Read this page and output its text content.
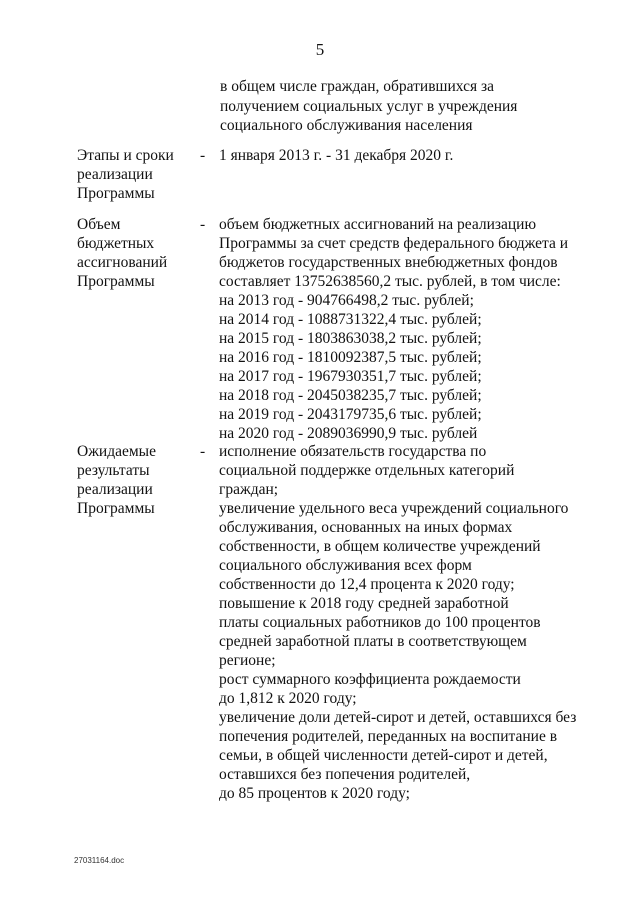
5
в общем числе граждан, обратившихся за
получением социальных услуг в учреждения
социального обслуживания населения
Этапы и сроки
реализации
Программы
- 1 января 2013 г. - 31 декабря 2020 г.
Объем
бюджетных
ассигнований
Программы
- объем бюджетных ассигнований на реализацию
Программы за счет средств федерального бюджета и
бюджетов государственных внебюджетных фондов
составляет 13752638560,2 тыс. рублей, в том числе:
на 2013 год - 904766498,2 тыс. рублей;
на 2014 год - 1088731322,4 тыс. рублей;
на 2015 год - 1803863038,2 тыс. рублей;
на 2016 год - 1810092387,5 тыс. рублей;
на 2017 год - 1967930351,7 тыс. рублей;
на 2018 год - 2045038235,7 тыс. рублей;
на 2019 год - 2043179735,6 тыс. рублей;
на 2020 год - 2089036990,9 тыс. рублей
Ожидаемые
результаты
реализации
Программы
- исполнение обязательств государства по
социальной поддержке отдельных категорий
граждан;
увеличение удельного веса учреждений социального
обслуживания, основанных на иных формах
собственности, в общем количестве учреждений
социального обслуживания всех форм
собственности до 12,4 процента к 2020 году;
повышение к 2018 году средней заработной
платы социальных работников до 100 процентов
средней заработной платы в соответствующем
регионе;
рост суммарного коэффициента рождаемости
до 1,812 к 2020 году;
увеличение доли детей-сирот и детей, оставшихся без
попечения родителей, переданных на воспитание в
семьи, в общей численности детей-сирот и детей,
оставшихся без попечения родителей,
до 85 процентов к 2020 году;
27031164.doc
